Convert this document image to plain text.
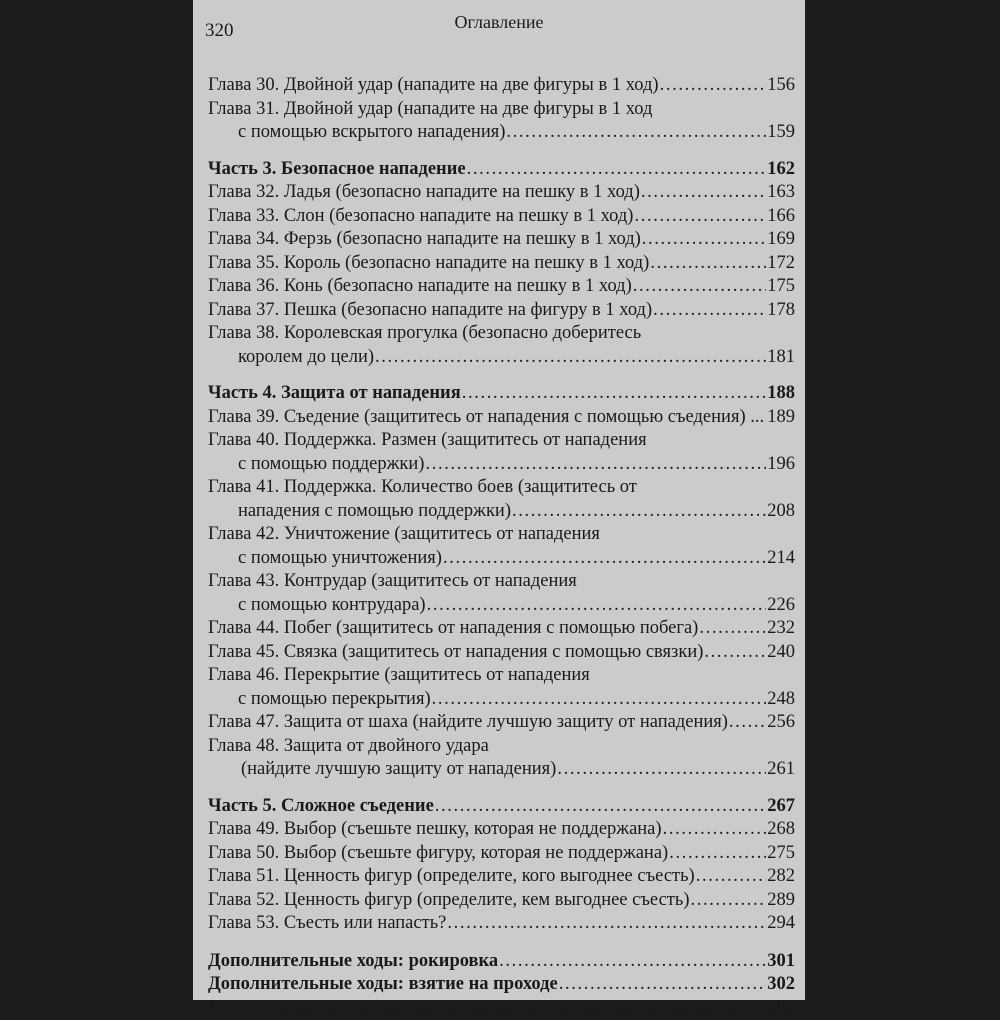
320	Оглавление
Глава 30. Двойной удар (нападите на две фигуры в 1 ход) . . .	156
Глава 31. Двойной удар (нападите на две фигуры в 1 ход
с помощью вскрытого нападения) . . .	159
Часть 3. Безопасное нападение . . .	162
Глава 32. Ладья (безопасно нападите на пешку в 1 ход) . . .	163
Глава 33. Слон (безопасно нападите на пешку в 1 ход) . . .	166
Глава 34. Ферзь (безопасно нападите на пешку в 1 ход) . . .	169
Глава 35. Король (безопасно нападите на пешку в 1 ход) . . .	172
Глава 36. Конь (безопасно нападите на пешку в 1 ход) . . .	175
Глава 37. Пешка (безопасно нападите на фигуру в 1 ход) . . .	178
Глава 38. Королевская прогулка (безопасно доберитесь
королем до цели) . . .	181
Часть 4. Защита от нападения . . .	188
Глава 39. Съедение (защититесь от нападения с помощью съедения) ... 189
Глава 40. Поддержка. Размен (защититесь от нападения
с помощью поддержки) . . .	196
Глава 41. Поддержка. Количество боев (защититесь от
нападения с помощью поддержки) . . .	208
Глава 42. Уничтожение (защититесь от нападения
с помощью уничтожения) . . .	214
Глава 43. Контрудар (защититесь от нападения
с помощью контрудара) . . .	226
Глава 44. Побег (защититесь от нападения с помощью побега) . . .	232
Глава 45. Связка (защититесь от нападения с помощью связки) . . .	240
Глава 46. Перекрытие (защититесь от нападения
с помощью перекрытия) . . .	248
Глава 47. Защита от шаха (найдите лучшую защиту от нападения) . . . 256
Глава 48. Защита от двойного удара
(найдите лучшую защиту от нападения) . . .	261
Часть 5. Сложное съедение . . .	267
Глава 49. Выбор (съешьте пешку, которая не поддержана) . . .	268
Глава 50. Выбор (съешьте фигуру, которая не поддержана) . . .	275
Глава 51. Ценность фигур (определите, кого выгоднее съесть) . . .	282
Глава 52. Ценность фигур (определите, кем выгоднее съесть) . . .	289
Глава 53. Съесть или напасть? . . .	294
Дополнительные ходы: рокировка . . .	301
Дополнительные ходы: взятие на проходе . . .	302
Решения . . .	303
